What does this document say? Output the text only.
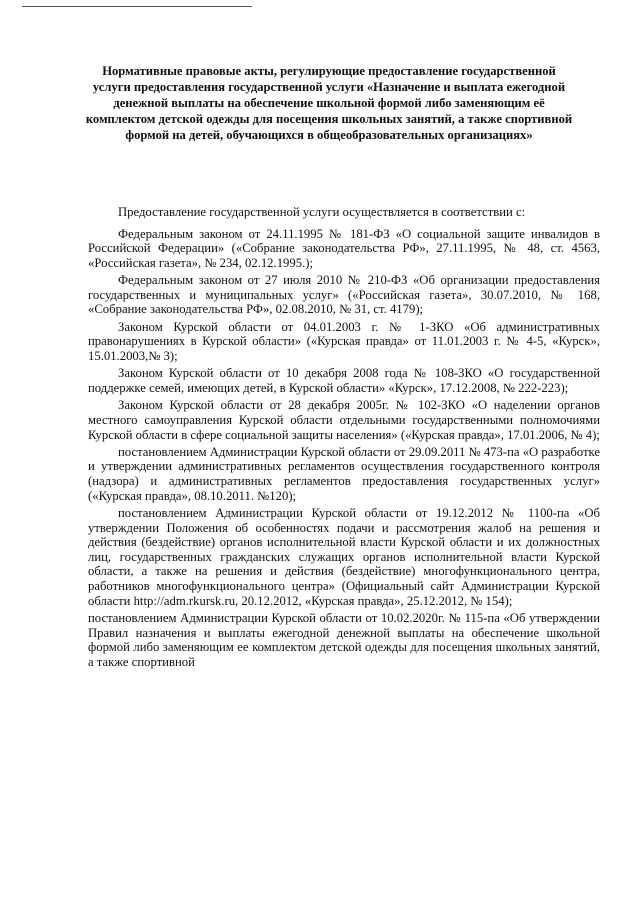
Нормативные правовые акты, регулирующие предоставление государственной услуги предоставления государственной услуги «Назначение и выплата ежегодной денежной выплаты на обеспечение школьной формой либо заменяющим её комплектом детской одежды для посещения школьных занятий, а также спортивной формой на детей, обучающихся в общеобразовательных организациях»

Предоставление государственной услуги осуществляется в соответствии с:

Федеральным законом от 24.11.1995 № 181-ФЗ «О социальной защите инвалидов в Российской Федерации» («Собрание законодательства РФ», 27.11.1995, № 48, ст. 4563, «Российская газета», № 234, 02.12.1995.);

Федеральным законом от 27 июля 2010 № 210-ФЗ «Об организации предоставления государственных и муниципальных услуг» («Российская газета», 30.07.2010, № 168, «Собрание законодательства РФ», 02.08.2010, № 31, ст. 4179);

Законом Курской области от 04.01.2003 г. № 1-ЗКО «Об административных правонарушениях в Курской области» («Курская правда» от 11.01.2003 г. № 4-5, «Курск», 15.01.2003,№ 3);

Законом Курской области от 10 декабря 2008 года № 108-ЗКО «О государственной поддержке семей, имеющих детей, в Курской области» «Курск», 17.12.2008, № 222-223);

Законом Курской области от 28 декабря 2005г. № 102-ЗКО «О наделении органов местного самоуправления Курской области отдельными государственными полномочиями Курской области в сфере социальной защиты населения» («Курская правда», 17.01.2006, № 4);

постановлением Администрации Курской области от 29.09.2011 № 473-па «О разработке и утверждении административных регламентов осуществления государственного контроля (надзора) и административных регламентов предоставления государственных услуг» («Курская правда», 08.10.2011. №120);

постановлением Администрации Курской области от 19.12.2012 № 1100-па «Об утверждении Положения об особенностях подачи и рассмотрения жалоб на решения и действия (бездействие) органов исполнительной власти Курской области и их должностных лиц, государственных гражданских служащих органов исполнительной власти Курской области, а также на решения и действия (бездействие) многофункционального центра, работников многофункционального центра» (Официальный сайт Администрации Курской области http://adm.rkursk.ru, 20.12.2012, «Курская правда», 25.12.2012, № 154);

постановлением Администрации Курской области от 10.02.2020г. № 115-па «Об утверждении Правил назначения и выплаты ежегодной денежной выплаты на обеспечение школьной формой либо заменяющим ее комплектом детской одежды для посещения школьных занятий, а также спортивной
